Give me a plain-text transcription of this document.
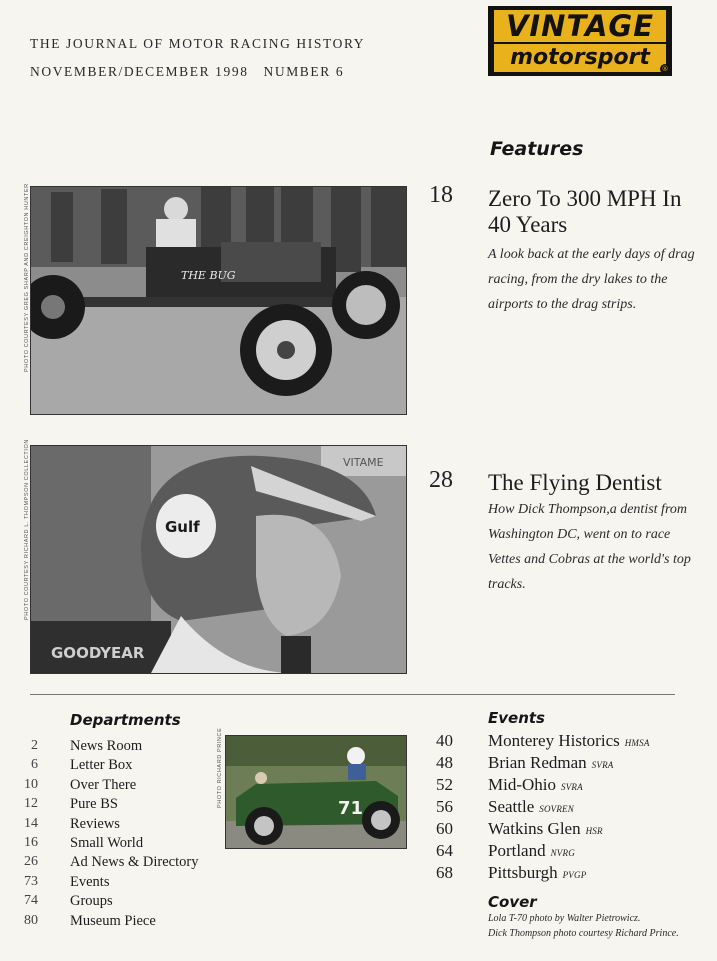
THE JOURNAL OF MOTOR RACING HISTORY
NOVEMBER/DECEMBER 1998   NUMBER 6
VINTAGE
motorsport	®
Features
PHOTO COURTESY GREG SHARP AND CREIGHTON HUNTER	THE BUG
18 Zero To 300 MPH In 40 Years
A look back at the early days of drag racing, from the dry lakes to the airports to the drag strips.
PHOTO COURTESY RICHARD L. THOMPSON COLLECTION	VITAME
GOODYEAR
Gulf
28 The Flying Dentist
How Dick Thompson,a dentist from Washington DC, went on to race Vettes and Cobras at the world's top tracks.
Departments
2 News Room
6 Letter Box
10 Over There
12 Pure BS
14 Reviews
16 Small World
26 Ad News & Directory
73 Events
74 Groups
80 Museum Piece
PHOTO RICHARD PRINCE
71
Events
40 Monterey Historics HMSA
48 Brian Redman SVRA
52 Mid-Ohio SVRA
56 Seattle SOVREN
60 Watkins Glen HSR
64 Portland NVRG
68 Pittsburgh PVGP
Cover
Lola T-70 photo by Walter Pietrowicz.
Dick Thompson photo courtesy Richard Prince.
